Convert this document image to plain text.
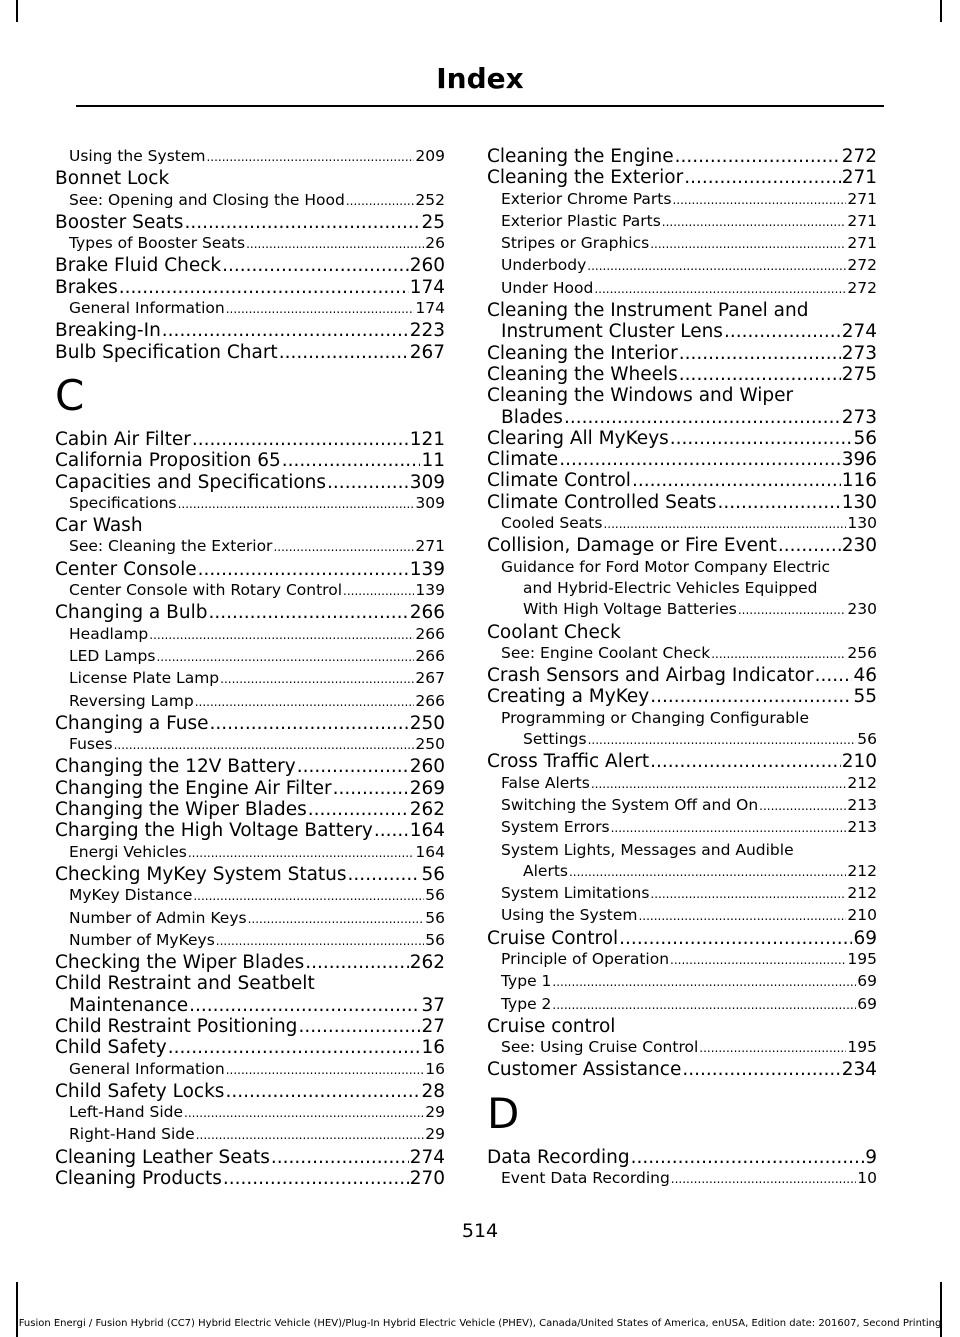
Index
Using the System .....	209
Bonnet Lock
See: Opening and Closing the Hood .....	252
Booster Seats .....	25
Types of Booster Seats .....	26
Brake Fluid Check .....	260
Brakes .....	174
General Information .....	174
Breaking-In .....	223
Bulb Specification Chart .....	267
C
Cabin Air Filter .....	121
California Proposition 65 .....	11
Capacities and Specifications .....	309
Specifications .....	309
Car Wash
See: Cleaning the Exterior .....	271
Center Console .....	139
Center Console with Rotary Control .....	139
Changing a Bulb .....	266
Headlamp .....	266
LED Lamps .....	266
License Plate Lamp .....	267
Reversing Lamp .....	266
Changing a Fuse .....	250
Fuses .....	250
Changing the 12V Battery .....	260
Changing the Engine Air Filter .....	269
Changing the Wiper Blades .....	262
Charging the High Voltage Battery ..... 164
Energi Vehicles .....	164
Checking MyKey System Status .....	56
MyKey Distance .....	56
Number of Admin Keys .....	56
Number of MyKeys .....	56
Checking the Wiper Blades .....	262
Child Restraint and Seatbelt
Maintenance .....	37
Child Restraint Positioning .....	27
Child Safety .....	16
General Information .....	16
Child Safety Locks .....	28
Left-Hand Side .....	29
Right-Hand Side .....	29
Cleaning Leather Seats .....	274
Cleaning Products .....	270
Cleaning the Engine .....	272
Cleaning the Exterior .....	271
Exterior Chrome Parts .....	271
Exterior Plastic Parts .....	271
Stripes or Graphics .....	271
Underbody .....	272
Under Hood .....	272
Cleaning the Instrument Panel and
Instrument Cluster Lens .....	274
Cleaning the Interior .....	273
Cleaning the Wheels .....	275
Cleaning the Windows and Wiper
Blades .....	273
Clearing All MyKeys .....	56
Climate .....	396
Climate Control .....	116
Climate Controlled Seats .....	130
Cooled Seats .....	130
Collision, Damage or Fire Event .....	230
Guidance for Ford Motor Company Electric
and Hybrid-Electric Vehicles Equipped
With High Voltage Batteries .....	230
Coolant Check
See: Engine Coolant Check .....	256
Crash Sensors and Airbag Indicator ..... 46
Creating a MyKey .....	55
Programming or Changing Configurable
Settings .....	56
Cross Traffic Alert .....	210
False Alerts .....	212
Switching the System Off and On .....	213
System Errors .....	213
System Lights, Messages and Audible
Alerts .....	212
System Limitations .....	212
Using the System .....	210
Cruise Control .....	69
Principle of Operation .....	195
Type 1 .....	69
Type 2 .....	69
Cruise control
See: Using Cruise Control .....	195
Customer Assistance .....	234
D
Data Recording .....	9
Event Data Recording .....	10
514
Fusion Energi / Fusion Hybrid (CC7) Hybrid Electric Vehicle (HEV)/Plug-In Hybrid Electric Vehicle (PHEV), Canada/United States of America, enUSA, Edition date: 201607, Second Printing
